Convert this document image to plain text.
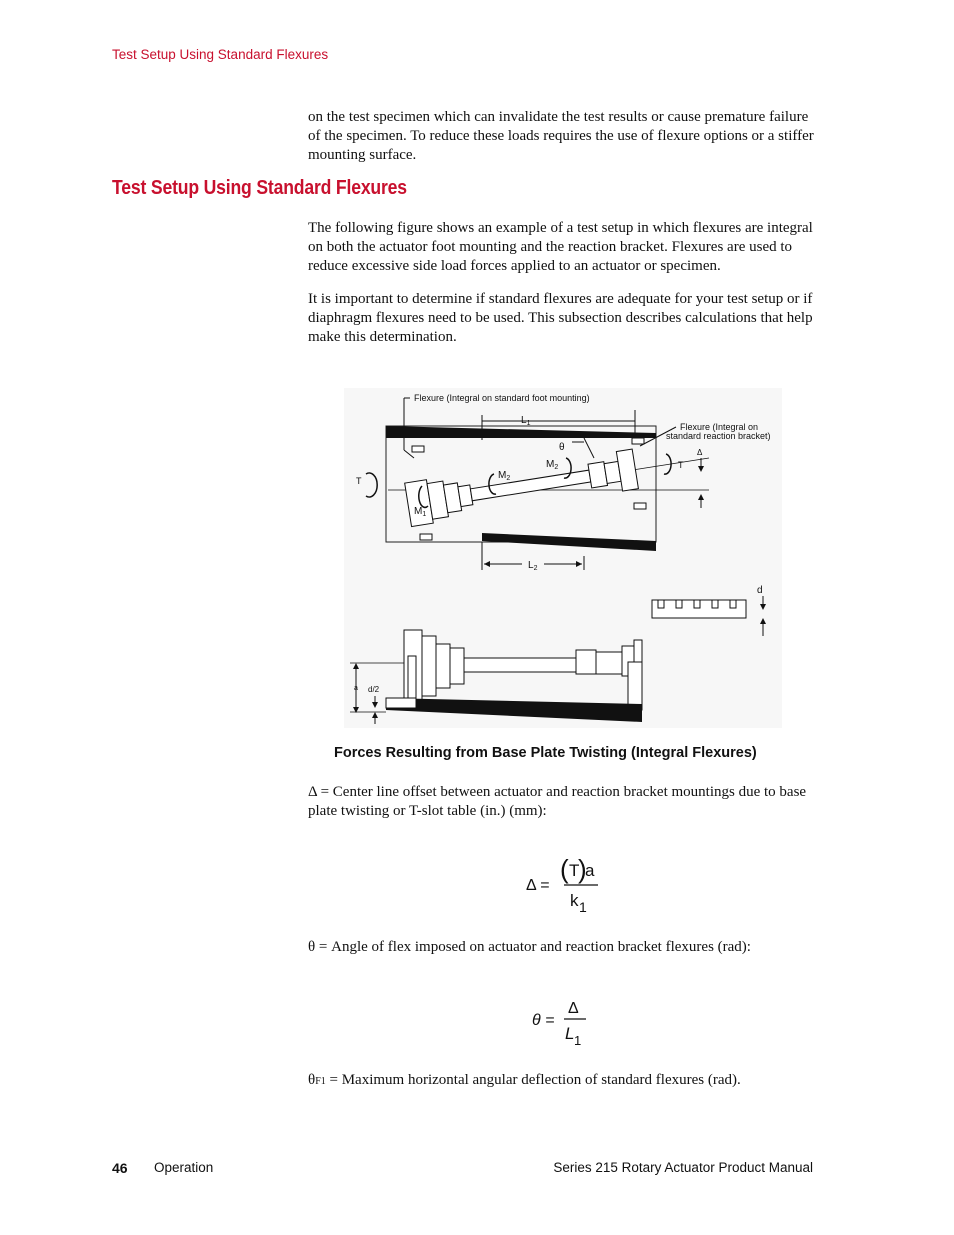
Test Setup Using Standard Flexures

on the test specimen which can invalidate the test results or cause premature failure of the specimen. To reduce these loads requires the use of flexure options or a stiffer mounting surface.

Test Setup Using Standard Flexures

The following figure shows an example of a test setup in which flexures are integral on both the actuator foot mounting and the reaction bracket. Flexures are used to reduce excessive side load forces applied to an actuator or specimen.

It is important to determine if standard flexures are adequate for your test setup or if diaphragm flexures need to be used. This subsection describes calculations that help make this determination.

Flexure (Integral on standard foot mounting)
$L_1$	Flexure (Integral on
standard reaction bracket)
θ	Δ
T
$M_1$
$M_2$
$M_2$	T
$L_2$
d
a d/2
Forces Resulting from Base Plate Twisting (Integral Flexures)

Δ = Center line offset between actuator and reaction bracket mountings due to base plate twisting or T-slot table (in.) (mm):

Δ =
( T
)
a
k 1

θ = Angle of flex imposed on actuator and reaction bracket flexures (rad):

θ =
Δ
L 1

θF1 = Maximum horizontal angular deflection of standard flexures (rad).

46 Operation	Series 215 Rotary Actuator Product Manual
